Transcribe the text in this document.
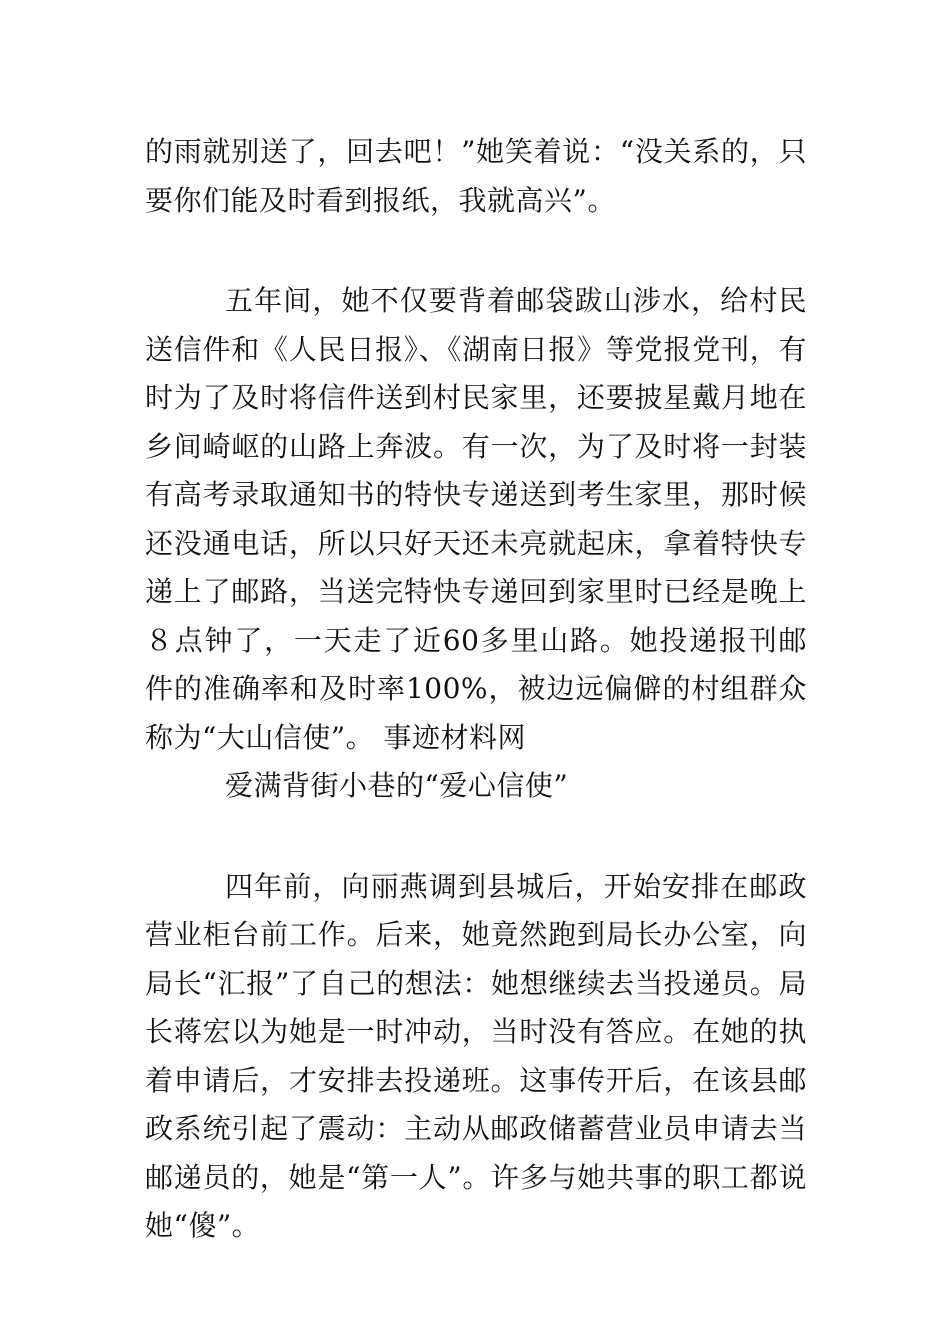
的雨就别送了，回去吧！”她笑着说：“没关系的，只要你们能及时看到报纸，我就高兴”。

五年间，她不仅要背着邮袋跋山涉水，给村民送信件和《人民日报》、《湖南日报》等党报党刊，有时为了及时将信件送到村民家里，还要披星戴月地在乡间崎岖的山路上奔波。有一次，为了及时将一封装有高考录取通知书的特快专递送到考生家里，那时候还没通电话，所以只好天还未亮就起床，拿着特快专递上了邮路，当送完特快专递回到家里时已经是晚上８点钟了，一天走了近60多里山路。她投递报刊邮件的准确率和及时率100%，被边远偏僻的村组群众称为“大山信使”。 事迹材料网

爱满背街小巷的“爱心信使”

四年前，向丽燕调到县城后，开始安排在邮政营业柜台前工作。后来，她竟然跑到局长办公室，向局长“汇报”了自己的想法：她想继续去当投递员。局长蒋宏以为她是一时冲动，当时没有答应。在她的执着申请后，才安排去投递班。这事传开后，在该县邮政系统引起了震动：主动从邮政储蓄营业员申请去当邮递员的，她是“第一人”。许多与她共事的职工都说她“傻”。
